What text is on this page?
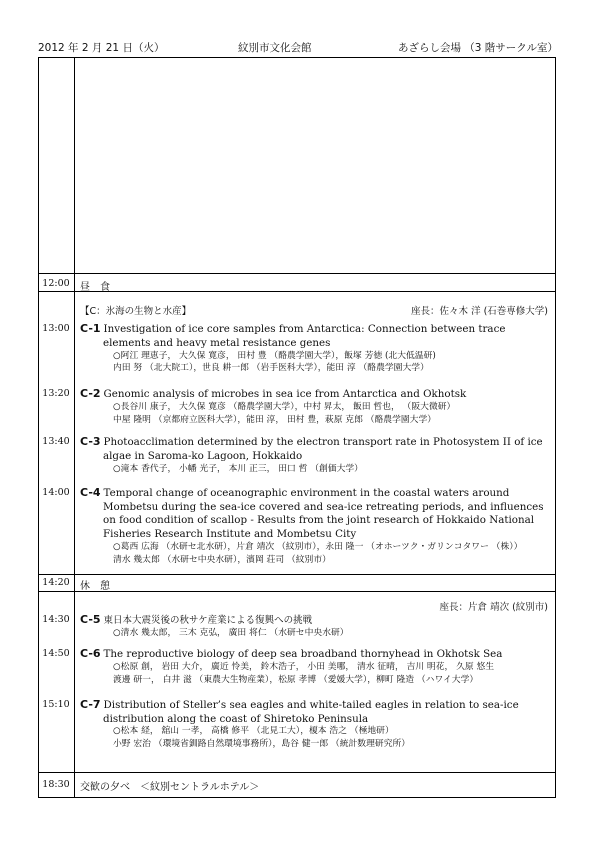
2012 年 2 月 21 日（火）	紋別市文化会館	あざらし会場 （3 階サークル室）
12:00	昼　食
【C：氷海の生物と水産】	座長：佐々木 洋 (石巻専修大学)
13:00 C-1 Investigation of ice core samples from Antarctica: Connection between trace elements and heavy metal resistance genes
○阿江 理恵子， 大久保 寛彦， 田村 豊 （酪農学園大学），飯塚 芳徳 (北大低温研)
内田 努 （北大院工），世良 耕一郎 （岩手医科大学），能田 淳 （酪農学園大学）
13:20 C-2 Genomic analysis of microbes in sea ice from Antarctica and Okhotsk
○長谷川 康子， 大久保 寛彦 （酪農学園大学），中村 昇太， 飯田 哲也， （阪大微研）
中屋 隆明 （京都府立医科大学），能田 淳， 田村 豊，萩原 克郎 （酪農学園大学）
13:40 C-3 Photoacclimation determined by the electron transport rate in Photosystem II of ice algae in Saroma-ko Lagoon, Hokkaido
○滝本 香代子， 小幡 光子， 本川 正三， 田口 哲 （創価大学）
14:00 C-4 Temporal change of oceanographic environment in the coastal waters around Mombetsu during the sea-ice covered and sea-ice retreating periods, and influences on food condition of scallop - Results from the joint research of Hokkaido National Fisheries Research Institute and Mombetsu City
○葛西 広海 （水研セ北水研），片倉 靖次 （紋別市），永田 隆一 （オホーツク・ガリンコタワー （株））
清水 幾太郎 （水研セ中央水研），濱岡 荘司 （紋別市）
14:20	休　憩
座長：片倉 靖次 (紋別市)
14:30 C-5 東日本大震災後の秋サケ産業による復興への挑戦
○清水 幾太郎， 三木 克弘， 廣田 将仁 （水研セ中央水研）
14:50 C-6 The reproductive biology of deep sea broadband thornyhead in Okhotsk Sea
○松原 創， 岩田 大介， 廣近 怜美， 鈴木浩子， 小田 美哪， 清水 征晴， 吉川 明花， 久原 悠生
渡邊 研一， 白井 滋 （東農大生物産業），松原 孝博 （愛媛大学），柳町 隆造 （ハワイ大学）
15:10 C-7 Distribution of Steller’s sea eagles and white-tailed eagles in relation to sea-ice distribution along the coast of Shiretoko Peninsula
○松本 経， 舘山 一孝， 高橋 修平 （北見工大），榎本 浩之 （極地研）
小野 宏治 （環境省釧路自然環境事務所），島谷 健一郎 （統計数理研究所）
18:30	交歓の夕べ　＜紋別セントラルホテル＞
